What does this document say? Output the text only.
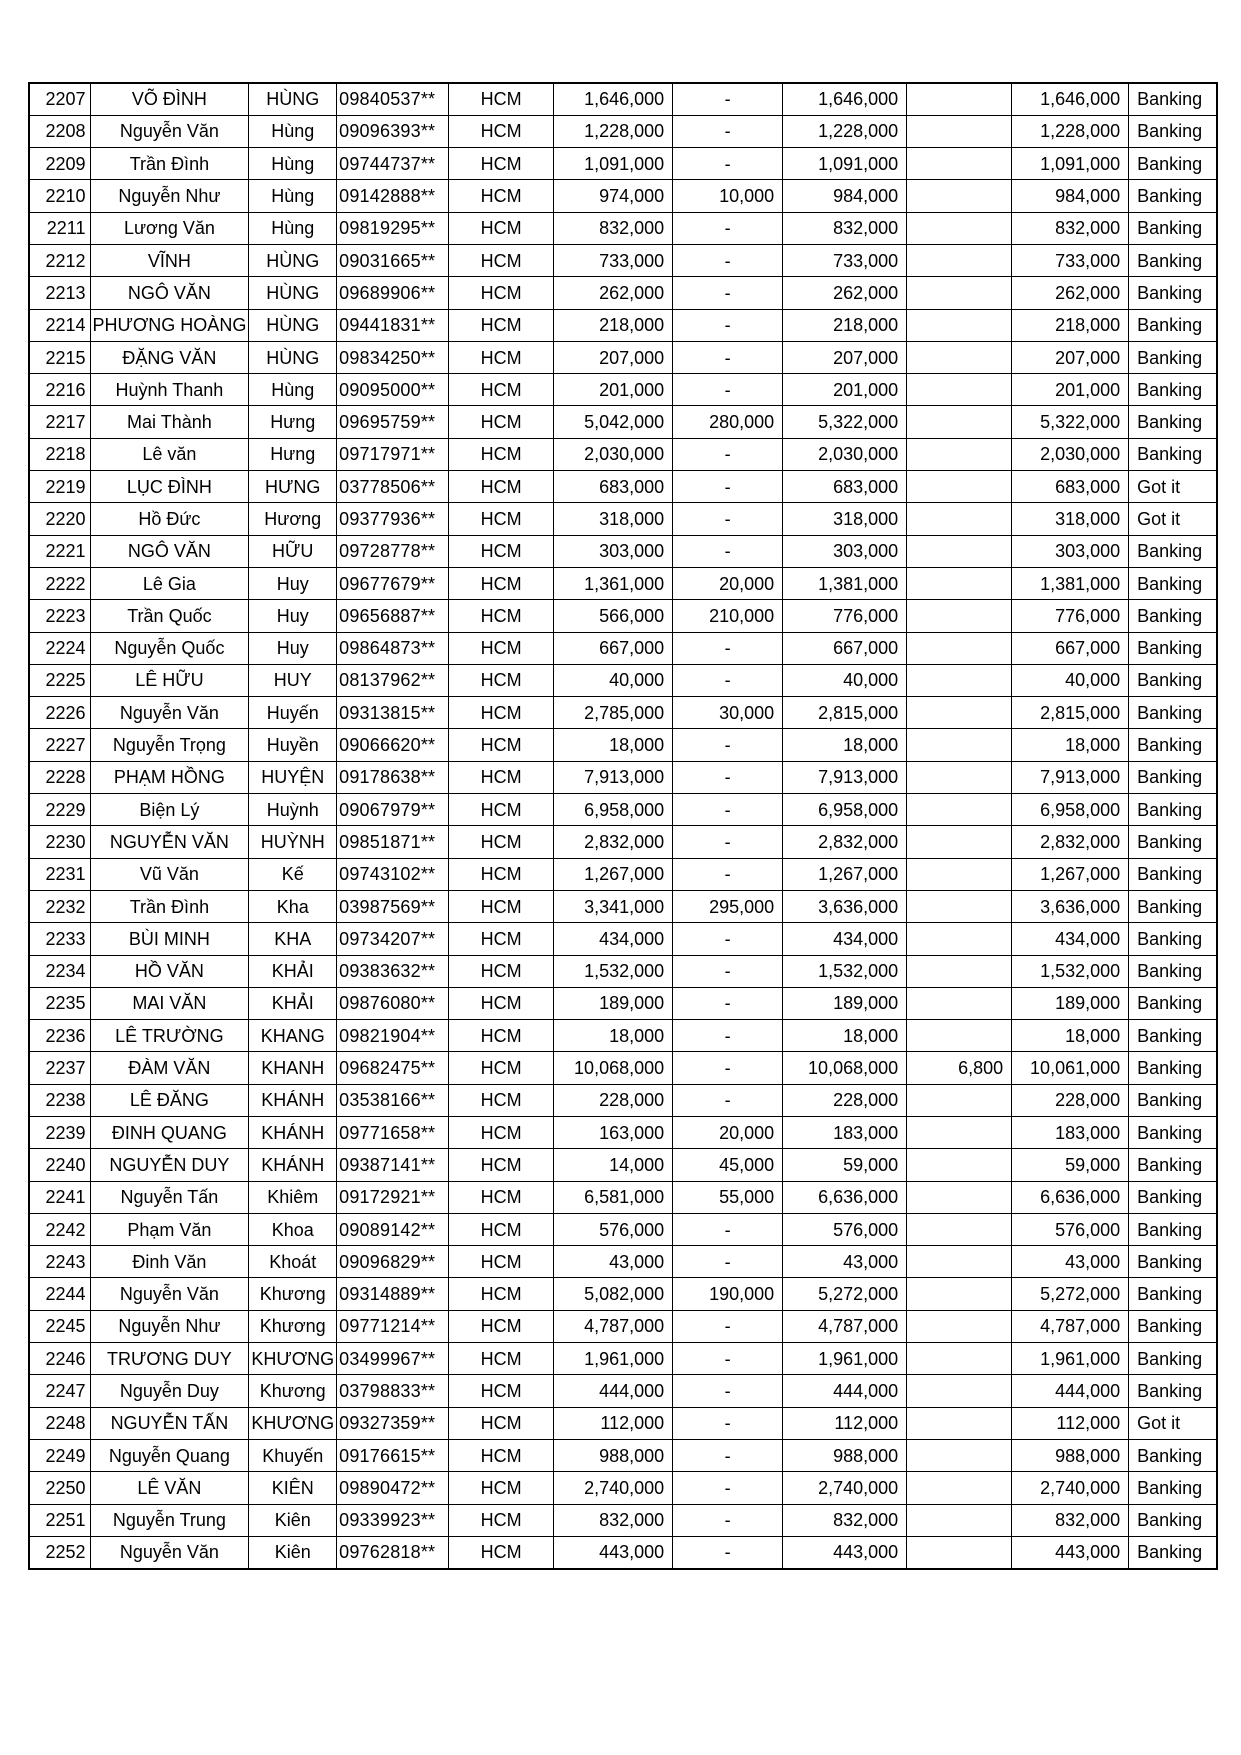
2207	VÕ ĐÌNH	HÙNG	09840537**	HCM	1,646,000	-	1,646,000		1,646,000	Banking
2208	Nguyễn Văn	Hùng	09096393**	HCM	1,228,000	-	1,228,000		1,228,000	Banking
2209	Trần Đình	Hùng	09744737**	HCM	1,091,000	-	1,091,000		1,091,000	Banking
2210	Nguyễn Như	Hùng	09142888**	HCM	974,000	10,000	984,000		984,000	Banking
2211	Lương Văn	Hùng	09819295**	HCM	832,000	-	832,000		832,000	Banking
2212	VĨNH	HÙNG	09031665**	HCM	733,000	-	733,000		733,000	Banking
2213	NGÔ VĂN	HÙNG	09689906**	HCM	262,000	-	262,000		262,000	Banking
2214	PHƯƠNG HOÀNG	HÙNG	09441831**	HCM	218,000	-	218,000		218,000	Banking
2215	ĐẶNG VĂN	HÙNG	09834250**	HCM	207,000	-	207,000		207,000	Banking
2216	Huỳnh Thanh	Hùng	09095000**	HCM	201,000	-	201,000		201,000	Banking
2217	Mai Thành	Hưng	09695759**	HCM	5,042,000	280,000	5,322,000		5,322,000	Banking
2218	Lê văn	Hưng	09717971**	HCM	2,030,000	-	2,030,000		2,030,000	Banking
2219	LỤC ĐÌNH	HƯNG	03778506**	HCM	683,000	-	683,000		683,000	Got it
2220	Hồ Đức	Hương	09377936**	HCM	318,000	-	318,000		318,000	Got it
2221	NGÔ VĂN	HỮU	09728778**	HCM	303,000	-	303,000		303,000	Banking
2222	Lê Gia	Huy	09677679**	HCM	1,361,000	20,000	1,381,000		1,381,000	Banking
2223	Trần Quốc	Huy	09656887**	HCM	566,000	210,000	776,000		776,000	Banking
2224	Nguyễn Quốc	Huy	09864873**	HCM	667,000	-	667,000		667,000	Banking
2225	LÊ HỮU	HUY	08137962**	HCM	40,000	-	40,000		40,000	Banking
2226	Nguyễn Văn	Huyến	09313815**	HCM	2,785,000	30,000	2,815,000		2,815,000	Banking
2227	Nguyễn Trọng	Huyền	09066620**	HCM	18,000	-	18,000		18,000	Banking
2228	PHẠM HỒNG	HUYỆN	09178638**	HCM	7,913,000	-	7,913,000		7,913,000	Banking
2229	Biện Lý	Huỳnh	09067979**	HCM	6,958,000	-	6,958,000		6,958,000	Banking
2230	NGUYỄN VĂN	HUỲNH	09851871**	HCM	2,832,000	-	2,832,000		2,832,000	Banking
2231	Vũ Văn	Kế	09743102**	HCM	1,267,000	-	1,267,000		1,267,000	Banking
2232	Trần Đình	Kha	03987569**	HCM	3,341,000	295,000	3,636,000		3,636,000	Banking
2233	BÙI MINH	KHA	09734207**	HCM	434,000	-	434,000		434,000	Banking
2234	HỒ VĂN	KHẢI	09383632**	HCM	1,532,000	-	1,532,000		1,532,000	Banking
2235	MAI VĂN	KHẢI	09876080**	HCM	189,000	-	189,000		189,000	Banking
2236	LÊ TRƯỜNG	KHANG	09821904**	HCM	18,000	-	18,000		18,000	Banking
2237	ĐÀM VĂN	KHANH	09682475**	HCM	10,068,000	-	10,068,000	6,800	10,061,000	Banking
2238	LÊ ĐĂNG	KHÁNH	03538166**	HCM	228,000	-	228,000		228,000	Banking
2239	ĐINH QUANG	KHÁNH	09771658**	HCM	163,000	20,000	183,000		183,000	Banking
2240	NGUYỄN DUY	KHÁNH	09387141**	HCM	14,000	45,000	59,000		59,000	Banking
2241	Nguyễn Tấn	Khiêm	09172921**	HCM	6,581,000	55,000	6,636,000		6,636,000	Banking
2242	Phạm Văn	Khoa	09089142**	HCM	576,000	-	576,000		576,000	Banking
2243	Đinh Văn	Khoát	09096829**	HCM	43,000	-	43,000		43,000	Banking
2244	Nguyễn Văn	Khương	09314889**	HCM	5,082,000	190,000	5,272,000		5,272,000	Banking
2245	Nguyễn Như	Khương	09771214**	HCM	4,787,000	-	4,787,000		4,787,000	Banking
2246	TRƯƠNG DUY	KHƯƠNG	03499967**	HCM	1,961,000	-	1,961,000		1,961,000	Banking
2247	Nguyễn Duy	Khương	03798833**	HCM	444,000	-	444,000		444,000	Banking
2248	NGUYỄN TẤN	KHƯƠNG	09327359**	HCM	112,000	-	112,000		112,000	Got it
2249	Nguyễn Quang	Khuyến	09176615**	HCM	988,000	-	988,000		988,000	Banking
2250	LÊ VĂN	KIÊN	09890472**	HCM	2,740,000	-	2,740,000		2,740,000	Banking
2251	Nguyễn Trung	Kiên	09339923**	HCM	832,000	-	832,000		832,000	Banking
2252	Nguyễn Văn	Kiên	09762818**	HCM	443,000	-	443,000		443,000	Banking
